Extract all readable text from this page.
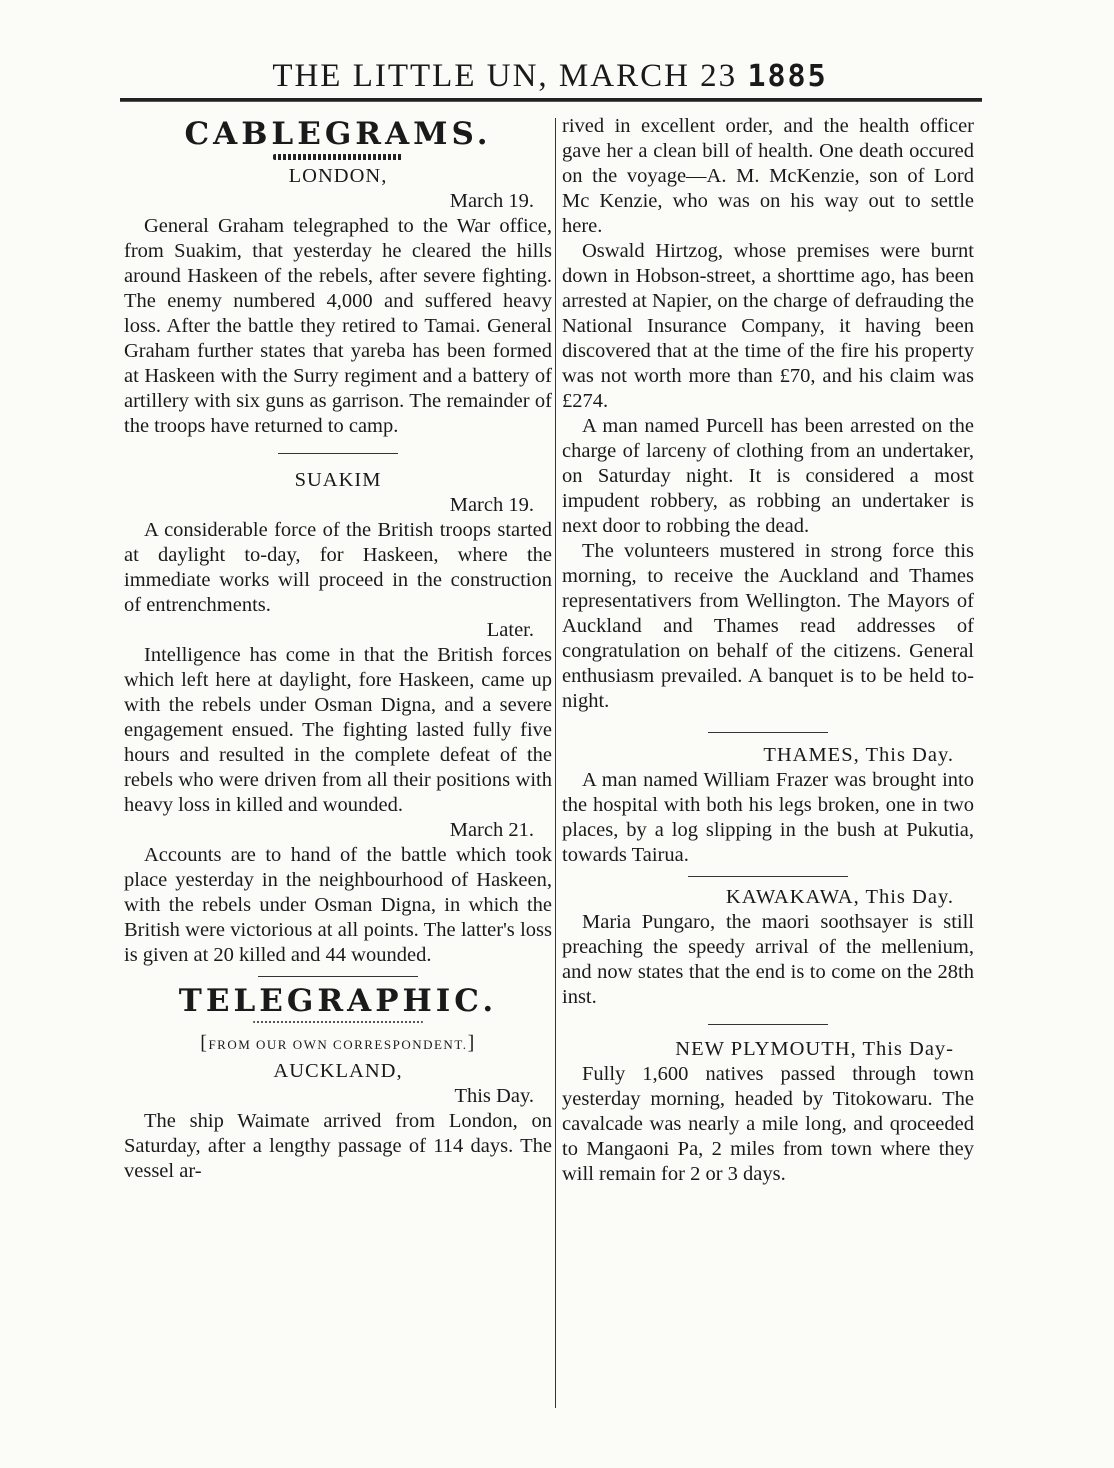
THE LITTLE UN, MARCH 23 1885
CABLEGRAMS.
LONDON,
March 19.

General Graham telegraphed to the War office, from Suakim, that yesterday he cleared the hills around Haskeen of the rebels, after severe fighting. The enemy numbered 4,000 and suffered heavy loss. After the battle they retired to Tamai. General Graham further states that yareba has been formed at Haskeen with the Surry regiment and a battery of artillery with six guns as garrison. The remainder of the troops have returned to camp.

SUAKIM
March 19.

A considerable force of the British troops started at daylight to-day, for Haskeen, where the immediate works will proceed in the construction of entrenchments.

Later.

Intelligence has come in that the British forces which left here at daylight, fore Haskeen, came up with the rebels under Osman Digna, and a severe engagement ensued. The fighting lasted fully five hours and resulted in the complete defeat of the rebels who were driven from all their positions with heavy loss in killed and wounded.

March 21.

Accounts are to hand of the battle which took place yesterday in the neighbourhood of Haskeen, with the rebels under Osman Digna, in which the British were victorious at all points. The latter's loss is given at 20 killed and 44 wounded.

TELEGRAPHIC.
[FROM OUR OWN CORRESPONDENT.]
AUCKLAND,
This Day.

The ship Waimate arrived from London, on Saturday, after a lengthy passage of 114 days. The vessel ar-

rived in excellent order, and the health officer gave her a clean bill of health. One death occured on the voyage—A. M. McKenzie, son of Lord Mc Kenzie, who was on his way out to settle here.

Oswald Hirtzog, whose premises were burnt down in Hobson-street, a shorttime ago, has been arrested at Napier, on the charge of defrauding the National Insurance Company, it having been discovered that at the time of the fire his property was not worth more than £70, and his claim was £274.

A man named Purcell has been arrested on the charge of larceny of clothing from an undertaker, on Saturday night. It is considered a most impudent robbery, as robbing an undertaker is next door to robbing the dead.

The volunteers mustered in strong force this morning, to receive the Auckland and Thames representativers from Wellington. The Mayors of Auckland and Thames read addresses of congratulation on behalf of the citizens. General enthusiasm prevailed. A banquet is to be held to-night.

THAMES, This Day.

A man named William Frazer was brought into the hospital with both his legs broken, one in two places, by a log slipping in the bush at Pukutia, towards Tairua.

KAWAKAWA, This Day.

Maria Pungaro, the maori soothsayer is still preaching the speedy arrival of the mellenium, and now states that the end is to come on the 28th inst.

NEW PLYMOUTH, This Day-

Fully 1,600 natives passed through town yesterday morning, headed by Titokowaru. The cavalcade was nearly a mile long, and qroceeded to Mangaoni Pa, 2 miles from town where they will remain for 2 or 3 days.
